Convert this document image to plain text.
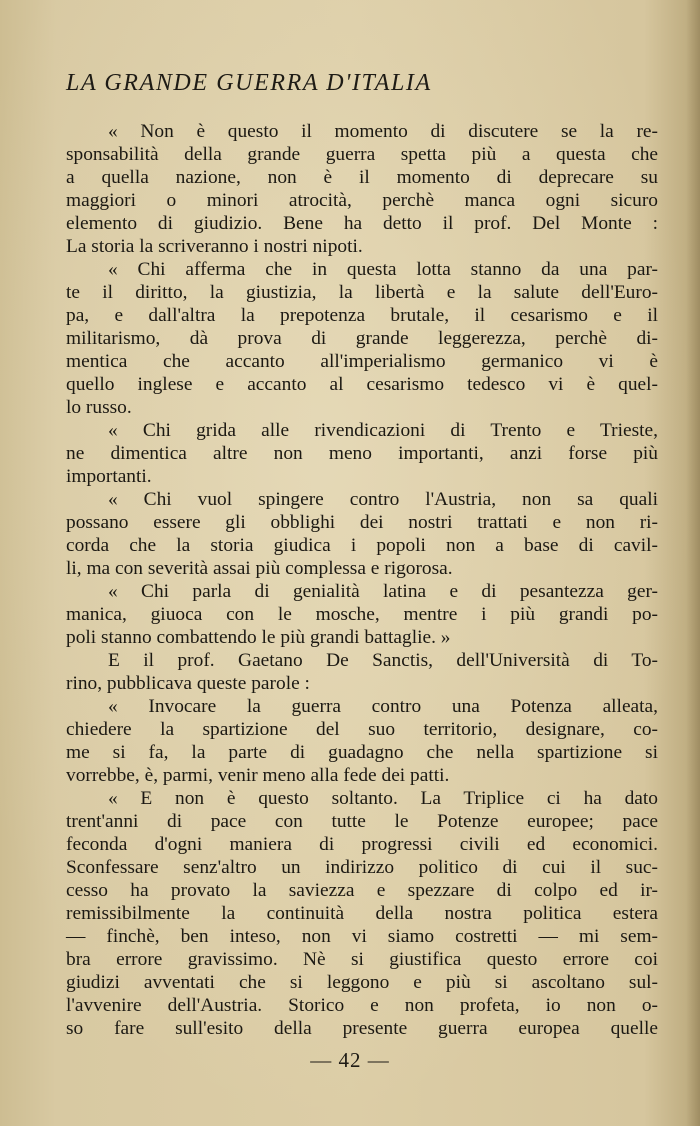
LA GRANDE GUERRA D'ITALIA
« Non è questo il momento di discutere se la re-
sponsabilità della grande guerra spetta più a questa che
a quella nazione, non è il momento di deprecare su
maggiori o minori atrocità, perchè manca ogni sicuro
elemento di giudizio. Bene ha detto il prof. Del Monte :
La storia la scriveranno i nostri nipoti.
« Chi afferma che in questa lotta stanno da una par-
te il diritto, la giustizia, la libertà e la salute dell'Euro-
pa, e dall'altra la prepotenza brutale, il cesarismo e il
militarismo, dà prova di grande leggerezza, perchè di-
mentica che accanto all'imperialismo germanico vi è
quello inglese e accanto al cesarismo tedesco vi è quel-
lo russo.
« Chi grida alle rivendicazioni di Trento e Trieste,
ne dimentica altre non meno importanti, anzi forse più
importanti.
« Chi vuol spingere contro l'Austria, non sa quali
possano essere gli obblighi dei nostri trattati e non ri-
corda che la storia giudica i popoli non a base di cavil-
li, ma con severità assai più complessa e rigorosa.
« Chi parla di genialità latina e di pesantezza ger-
manica, giuoca con le mosche, mentre i più grandi po-
poli stanno combattendo le più grandi battaglie. »
E il prof. Gaetano De Sanctis, dell'Università di To-
rino, pubblicava queste parole :
« Invocare la guerra contro una Potenza alleata,
chiedere la spartizione del suo territorio, designare, co-
me si fa, la parte di guadagno che nella spartizione si
vorrebbe, è, parmi, venir meno alla fede dei patti.
« E non è questo soltanto. La Triplice ci ha dato
trent'anni di pace con tutte le Potenze europee; pace
feconda d'ogni maniera di progressi civili ed economici.
Sconfessare senz'altro un indirizzo politico di cui il suc-
cesso ha provato la saviezza e spezzare di colpo ed ir-
remissibilmente la continuità della nostra politica estera
— finchè, ben inteso, non vi siamo costretti — mi sem-
bra errore gravissimo. Nè si giustifica questo errore coi
giudizi avventati che si leggono e più si ascoltano sul-
l'avvenire dell'Austria. Storico e non profeta, io non o-
so fare sull'esito della presente guerra europea quelle
— 42 —
